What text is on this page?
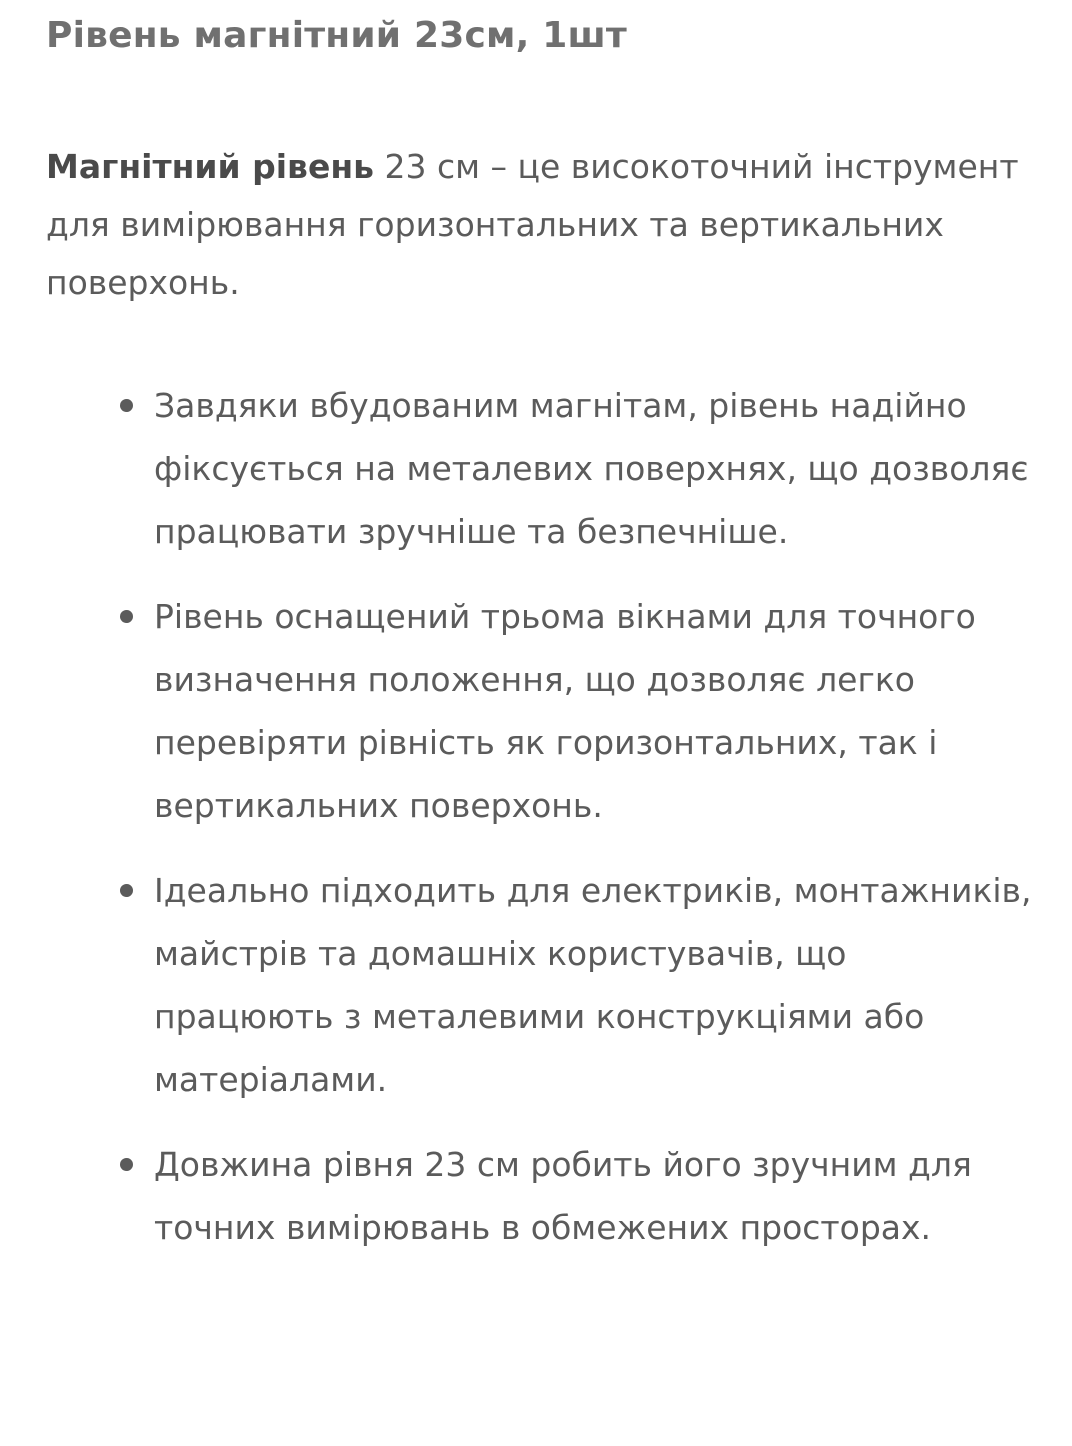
Рівень магнітний 23см, 1шт

Магнітний рівень 23 см – це високоточний інструмент для вимірювання горизонтальних та вертикальних поверхонь.

Завдяки вбудованим магнітам, рівень надійно фіксується на металевих поверхнях, що дозволяє працювати зручніше та безпечніше.
Рівень оснащений трьома вікнами для точного визначення положення, що дозволяє легко перевіряти рівність як горизонтальних, так і вертикальних поверхонь.
Ідеально підходить для електриків, монтажників, майстрів та домашніх користувачів, що працюють з металевими конструкціями або матеріалами.
Довжина рівня 23 см робить його зручним для точних вимірювань в обмежених просторах.
